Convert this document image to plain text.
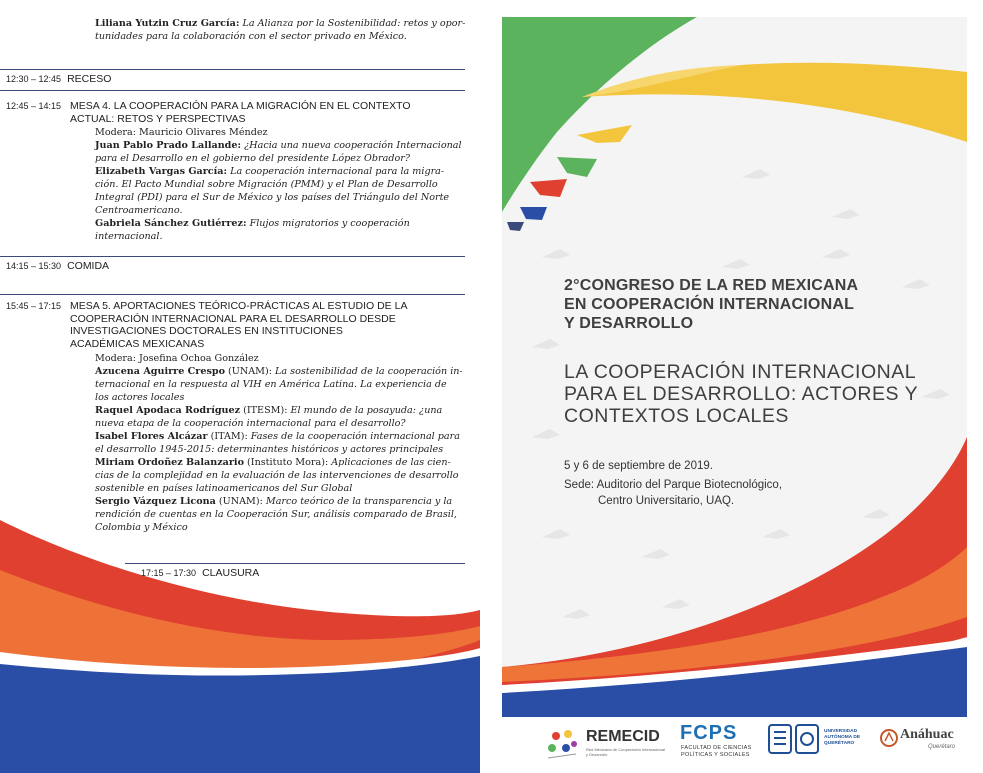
Liliana Yutzin Cruz García: La Alianza por la Sostenibilidad: retos y opor-
tunidades para la colaboración con el sector privado en México.
12:30 – 12:45 RECESO
12:45 – 14:15 MESA 4. LA COOPERACIÓN PARA LA MIGRACIÓN EN EL CONTEXTO
ACTUAL: RETOS Y PERSPECTIVAS
Modera: Mauricio Olivares Méndez
Juan Pablo Prado Lallande: ¿Hacia una nueva cooperación Internacional
para el Desarrollo en el gobierno del presidente López Obrador?
Elizabeth Vargas García: La cooperación internacional para la migra-
ción. El Pacto Mundial sobre Migración (PMM) y el Plan de Desarrollo
Integral (PDI) para el Sur de México y los países del Triángulo del Norte
Centroamericano.
Gabriela Sánchez Gutiérrez: Flujos migratorios y cooperación internacional.
14:15 – 15:30 COMIDA
15:45 – 17:15 MESA 5. APORTACIONES TEÓRICO-PRÁCTICAS AL ESTUDIO DE LA
COOPERACIÓN INTERNACIONAL PARA EL DESARROLLO DESDE
INVESTIGACIONES DOCTORALES EN INSTITUCIONES
ACADÉMICAS MEXICANAS
Modera: Josefina Ochoa González
Azucena Aguirre Crespo (UNAM): La sostenibilidad de la cooperación in-
ternacional en la respuesta al VIH en América Latina. La experiencia de
los actores locales
Raquel Apodaca Rodríguez (ITESM): El mundo de la posayuda: ¿una
nueva etapa de la cooperación internacional para el desarrollo?
Isabel Flores Alcázar (ITAM): Fases de la cooperación internacional para
el desarrollo 1945-2015: determinantes históricos y actores principales
Miriam Ordoñez Balanzario (Instituto Mora): Aplicaciones de las cien-
cias de la complejidad en la evaluación de las intervenciones de desarrollo
sostenible en países latinoamericanos del Sur Global
Sergio Vázquez Licona (UNAM): Marco teórico de la transparencia y la
rendición de cuentas en la Cooperación Sur, análisis comparado de Brasil,
Colombia y México
17:15 – 17:30 CLAUSURA
2°CONGRESO DE LA RED MEXICANA
EN COOPERACIÓN INTERNACIONAL
Y DESARROLLO
LA COOPERACIÓN INTERNACIONAL
PARA EL DESARROLLO: ACTORES Y
CONTEXTOS LOCALES
5 y 6 de septiembre de 2019.
Sede: Auditorio del Parque Biotecnológico,
Centro Universitario, UAQ.
REMECID
Red Mexicana de Cooperación Internacional y Desarrollo
FCPS
FACULTAD DE CIENCIAS
POLÍTICAS Y SOCIALES
UNIVERSIDAD
AUTÓNOMA DE
QUERÉTARO
Anáhuac
Querétaro
